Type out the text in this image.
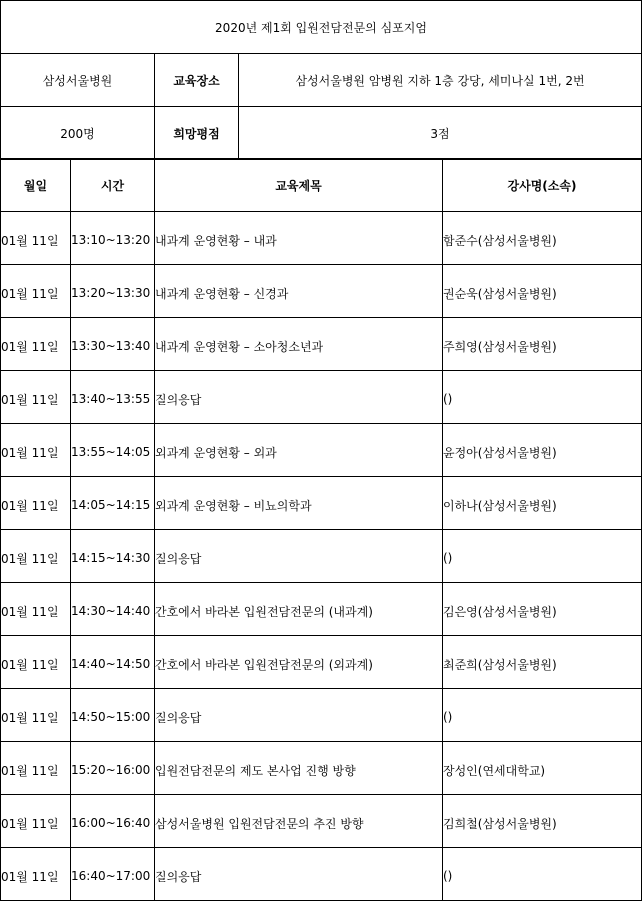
2020년 제1회 입원전담전문의 심포지엄		
삼성서울병원	교육장소	삼성서울병원 암병원 지하 1층 강당, 세미나실 1번, 2번
200명	희망평점	3점
월일	시간	교육제목	강사명(소속)
01월 11일	13:10~13:20	내과계 운영현황 – 내과	함준수(삼성서울병원)
01월 11일	13:20~13:30	내과계 운영현황 – 신경과	권순욱(삼성서울병원)
01월 11일	13:30~13:40	내과계 운영현황 – 소아청소년과	주희영(삼성서울병원)
01월 11일	13:40~13:55	질의응답	()
01월 11일	13:55~14:05	외과계 운영현황 – 외과	윤정아(삼성서울병원)
01월 11일	14:05~14:15	외과계 운영현황 – 비뇨의학과	이하나(삼성서울병원)
01월 11일	14:15~14:30	질의응답	()
01월 11일	14:30~14:40	간호에서 바라본 입원전담전문의 (내과계)	김은영(삼성서울병원)
01월 11일	14:40~14:50	간호에서 바라본 입원전담전문의 (외과계)	최준희(삼성서울병원)
01월 11일	14:50~15:00	질의응답	()
01월 11일	15:20~16:00	입원전담전문의 제도 본사업 진행 방향	장성인(연세대학교)
01월 11일	16:00~16:40	삼성서울병원 입원전담전문의 추진 방향	김희철(삼성서울병원)
01월 11일	16:40~17:00	질의응답	()
